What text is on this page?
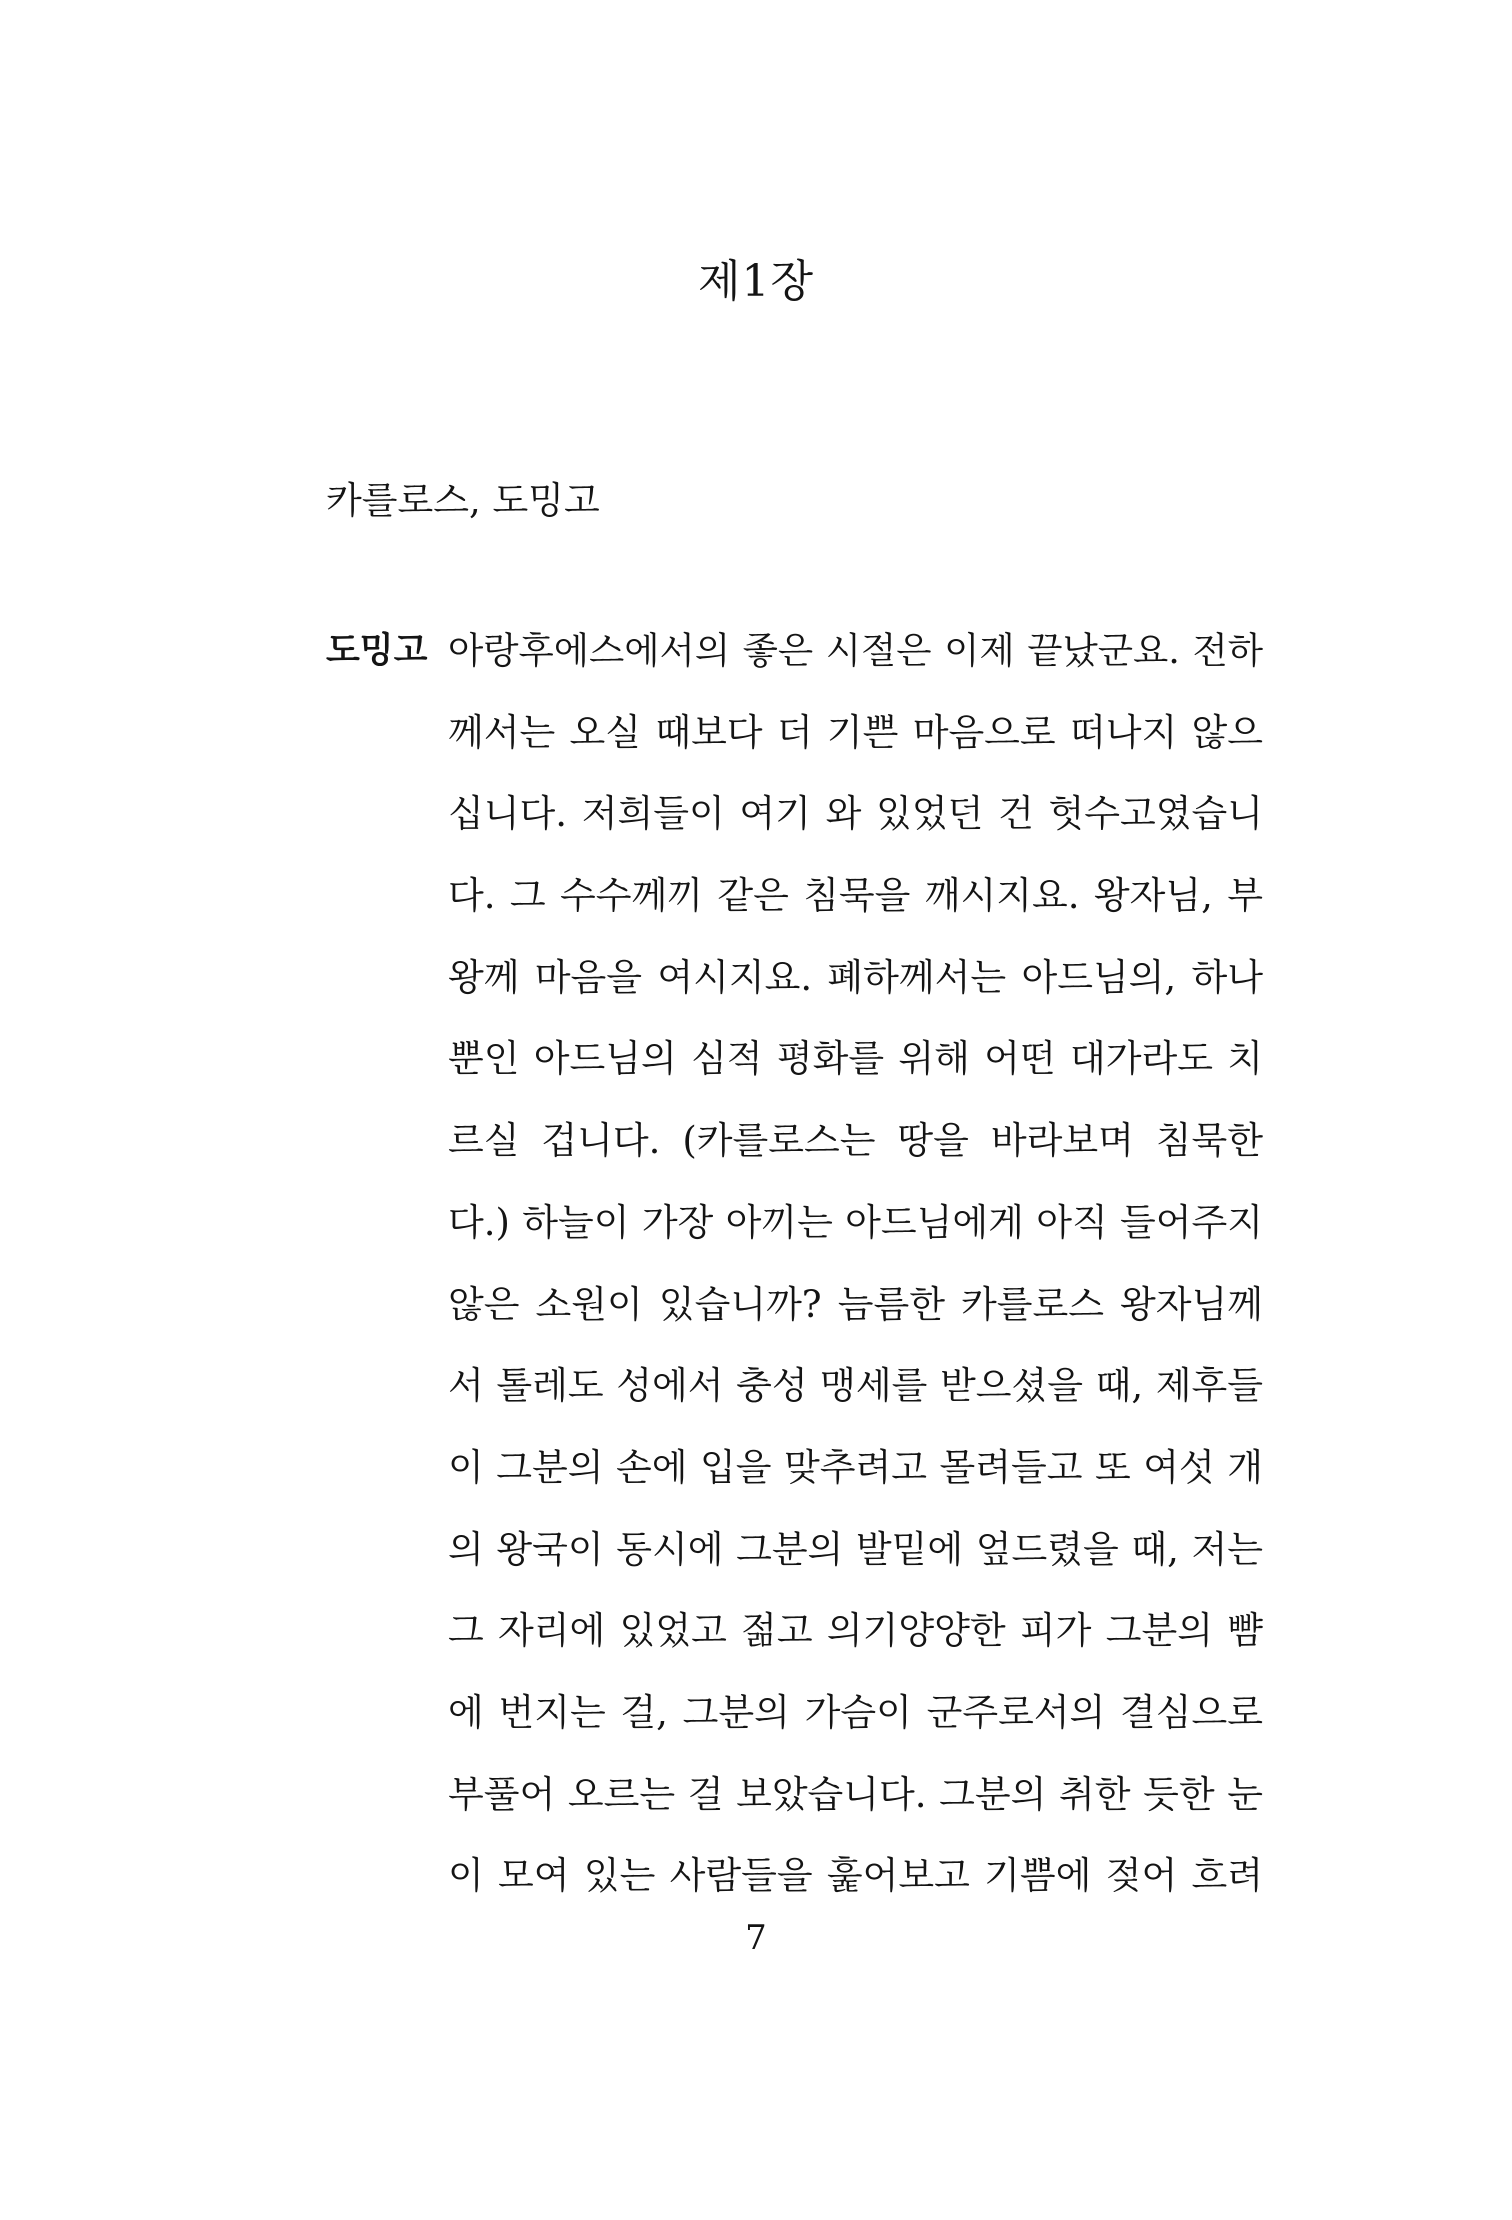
제1장
카를로스, 도밍고
도밍고 아랑후에스에서의 좋은 시절은 이제 끝났군요. 전하
께서는 오실 때보다 더 기쁜 마음으로 떠나지 않으
십니다. 저희들이 여기 와 있었던 건 헛수고였습니
다. 그 수수께끼 같은 침묵을 깨시지요. 왕자님, 부
왕께 마음을 여시지요. 폐하께서는 아드님의, 하나
뿐인 아드님의 심적 평화를 위해 어떤 대가라도 치
르실 겁니다. (카를로스는 땅을 바라보며 침묵한
다.) 하늘이 가장 아끼는 아드님에게 아직 들어주지
않은 소원이 있습니까? 늠름한 카를로스 왕자님께
서 톨레도 성에서 충성 맹세를 받으셨을 때, 제후들
이 그분의 손에 입을 맞추려고 몰려들고 또 여섯 개
의 왕국이 동시에 그분의 발밑에 엎드렸을 때, 저는
그 자리에 있었고 젊고 의기양양한 피가 그분의 뺨
에 번지는 걸, 그분의 가슴이 군주로서의 결심으로
부풀어 오르는 걸 보았습니다. 그분의 취한 듯한 눈
이 모여 있는 사람들을 훑어보고 기쁨에 젖어 흐려
7
